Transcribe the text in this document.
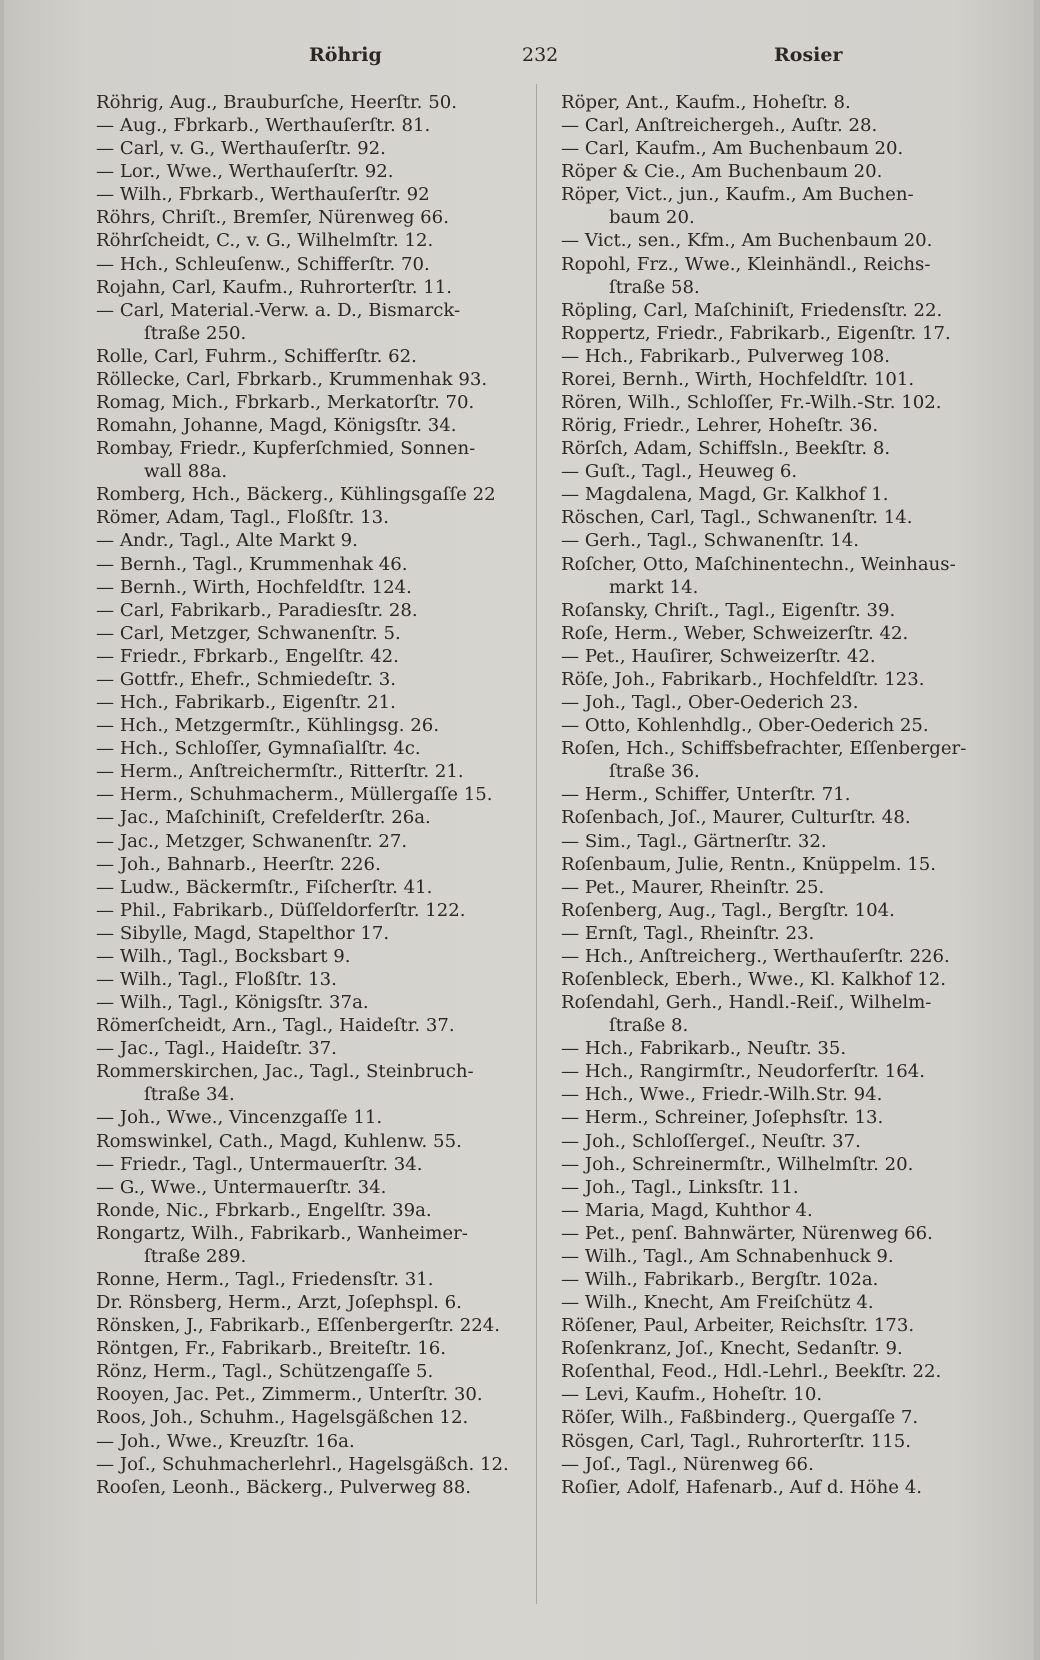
Röhrig	232	Rosier
Röhrig, Aug., Brauburſche, Heerſtr. 50.
— Aug., Fbrkarb., Werthauſerſtr. 81.
— Carl, v. G., Werthauſerſtr. 92.
— Lor., Wwe., Werthauſerſtr. 92.
— Wilh., Fbrkarb., Werthauſerſtr. 92
Röhrs, Chriſt., Bremſer, Nürenweg 66.
Röhrſcheidt, C., v. G., Wilhelmſtr. 12.
— Hch., Schleuſenw., Schifferſtr. 70.
Rojahn, Carl, Kaufm., Ruhrorterſtr. 11.
— Carl, Material.-Verw. a. D., Bismarck-
ſtraße 250.
Rolle, Carl, Fuhrm., Schifferſtr. 62.
Röllecke, Carl, Fbrkarb., Krummenhak 93.
Romag, Mich., Fbrkarb., Merkatorſtr. 70.
Romahn, Johanne, Magd, Königsſtr. 34.
Rombay, Friedr., Kupferſchmied, Sonnen-
wall 88a.
Romberg, Hch., Bäckerg., Kühlingsgaſſe 22
Römer, Adam, Tagl., Floßſtr. 13.
— Andr., Tagl., Alte Markt 9.
— Bernh., Tagl., Krummenhak 46.
— Bernh., Wirth, Hochfeldſtr. 124.
— Carl, Fabrikarb., Paradiesſtr. 28.
— Carl, Metzger, Schwanenſtr. 5.
— Friedr., Fbrkarb., Engelſtr. 42.
— Gottfr., Ehefr., Schmiedeſtr. 3.
— Hch., Fabrikarb., Eigenſtr. 21.
— Hch., Metzgermſtr., Kühlingsg. 26.
— Hch., Schloſſer, Gymnaſialſtr. 4c.
— Herm., Anſtreichermſtr., Ritterſtr. 21.
— Herm., Schuhmacherm., Müllergaſſe 15.
— Jac., Maſchiniſt, Crefelderſtr. 26a.
— Jac., Metzger, Schwanenſtr. 27.
— Joh., Bahnarb., Heerſtr. 226.
— Ludw., Bäckermſtr., Fiſcherſtr. 41.
— Phil., Fabrikarb., Düſſeldorferſtr. 122.
— Sibylle, Magd, Stapelthor 17.
— Wilh., Tagl., Bocksbart 9.
— Wilh., Tagl., Floßſtr. 13.
— Wilh., Tagl., Königsſtr. 37a.
Römerſcheidt, Arn., Tagl., Haideſtr. 37.
— Jac., Tagl., Haideſtr. 37.
Rommerskirchen, Jac., Tagl., Steinbruch-
ſtraße 34.
— Joh., Wwe., Vincenzgaſſe 11.
Romswinkel, Cath., Magd, Kuhlenw. 55.
— Friedr., Tagl., Untermauerſtr. 34.
— G., Wwe., Untermauerſtr. 34.
Ronde, Nic., Fbrkarb., Engelſtr. 39a.
Rongartz, Wilh., Fabrikarb., Wanheimer-
ſtraße 289.
Ronne, Herm., Tagl., Friedensſtr. 31.
Dr. Rönsberg, Herm., Arzt, Joſephspl. 6.
Rönsken, J., Fabrikarb., Eſſenbergerſtr. 224.
Röntgen, Fr., Fabrikarb., Breiteſtr. 16.
Rönz, Herm., Tagl., Schützengaſſe 5.
Rooyen, Jac. Pet., Zimmerm., Unterſtr. 30.
Roos, Joh., Schuhm., Hagelsgäßchen 12.
— Joh., Wwe., Kreuzſtr. 16a.
— Joſ., Schuhmacherlehrl., Hagelsgäßch. 12.
Rooſen, Leonh., Bäckerg., Pulverweg 88.
Röper, Ant., Kaufm., Hoheſtr. 8.
— Carl, Anſtreichergeh., Auſtr. 28.
— Carl, Kaufm., Am Buchenbaum 20.
Röper & Cie., Am Buchenbaum 20.
Röper, Vict., jun., Kaufm., Am Buchen-
baum 20.
— Vict., sen., Kfm., Am Buchenbaum 20.
Ropohl, Frz., Wwe., Kleinhändl., Reichs-
ſtraße 58.
Röpling, Carl, Maſchiniſt, Friedensſtr. 22.
Roppertz, Friedr., Fabrikarb., Eigenſtr. 17.
— Hch., Fabrikarb., Pulverweg 108.
Rorei, Bernh., Wirth, Hochfeldſtr. 101.
Rören, Wilh., Schloſſer, Fr.-Wilh.-Str. 102.
Rörig, Friedr., Lehrer, Hoheſtr. 36.
Rörſch, Adam, Schiffsln., Beekſtr. 8.
— Guſt., Tagl., Heuweg 6.
— Magdalena, Magd, Gr. Kalkhof 1.
Röschen, Carl, Tagl., Schwanenſtr. 14.
— Gerh., Tagl., Schwanenſtr. 14.
Roſcher, Otto, Maſchinentechn., Weinhaus-
markt 14.
Roſansky, Chriſt., Tagl., Eigenſtr. 39.
Roſe, Herm., Weber, Schweizerſtr. 42.
— Pet., Hauſirer, Schweizerſtr. 42.
Röſe, Joh., Fabrikarb., Hochfeldſtr. 123.
— Joh., Tagl., Ober-Oederich 23.
— Otto, Kohlenhdlg., Ober-Oederich 25.
Roſen, Hch., Schiffsbefrachter, Eſſenberger-
ſtraße 36.
— Herm., Schiffer, Unterſtr. 71.
Roſenbach, Joſ., Maurer, Culturſtr. 48.
— Sim., Tagl., Gärtnerſtr. 32.
Roſenbaum, Julie, Rentn., Knüppelm. 15.
— Pet., Maurer, Rheinſtr. 25.
Roſenberg, Aug., Tagl., Bergſtr. 104.
— Ernſt, Tagl., Rheinſtr. 23.
— Hch., Anſtreicherg., Werthauſerſtr. 226.
Roſenbleck, Eberh., Wwe., Kl. Kalkhof 12.
Roſendahl, Gerh., Handl.-Reiſ., Wilhelm-
ſtraße 8.
— Hch., Fabrikarb., Neuſtr. 35.
— Hch., Rangirmſtr., Neudorferſtr. 164.
— Hch., Wwe., Friedr.-Wilh.Str. 94.
— Herm., Schreiner, Joſephsſtr. 13.
— Joh., Schloſſergeſ., Neuſtr. 37.
— Joh., Schreinermſtr., Wilhelmſtr. 20.
— Joh., Tagl., Linksſtr. 11.
— Maria, Magd, Kuhthor 4.
— Pet., penſ. Bahnwärter, Nürenweg 66.
— Wilh., Tagl., Am Schnabenhuck 9.
— Wilh., Fabrikarb., Bergſtr. 102a.
— Wilh., Knecht, Am Freiſchütz 4.
Röſener, Paul, Arbeiter, Reichsſtr. 173.
Roſenkranz, Joſ., Knecht, Sedanſtr. 9.
Roſenthal, Feod., Hdl.-Lehrl., Beekſtr. 22.
— Levi, Kaufm., Hoheſtr. 10.
Röſer, Wilh., Faßbinderg., Quergaſſe 7.
Rösgen, Carl, Tagl., Ruhrorterſtr. 115.
— Joſ., Tagl., Nürenweg 66.
Roſier, Adolf, Hafenarb., Auf d. Höhe 4.
